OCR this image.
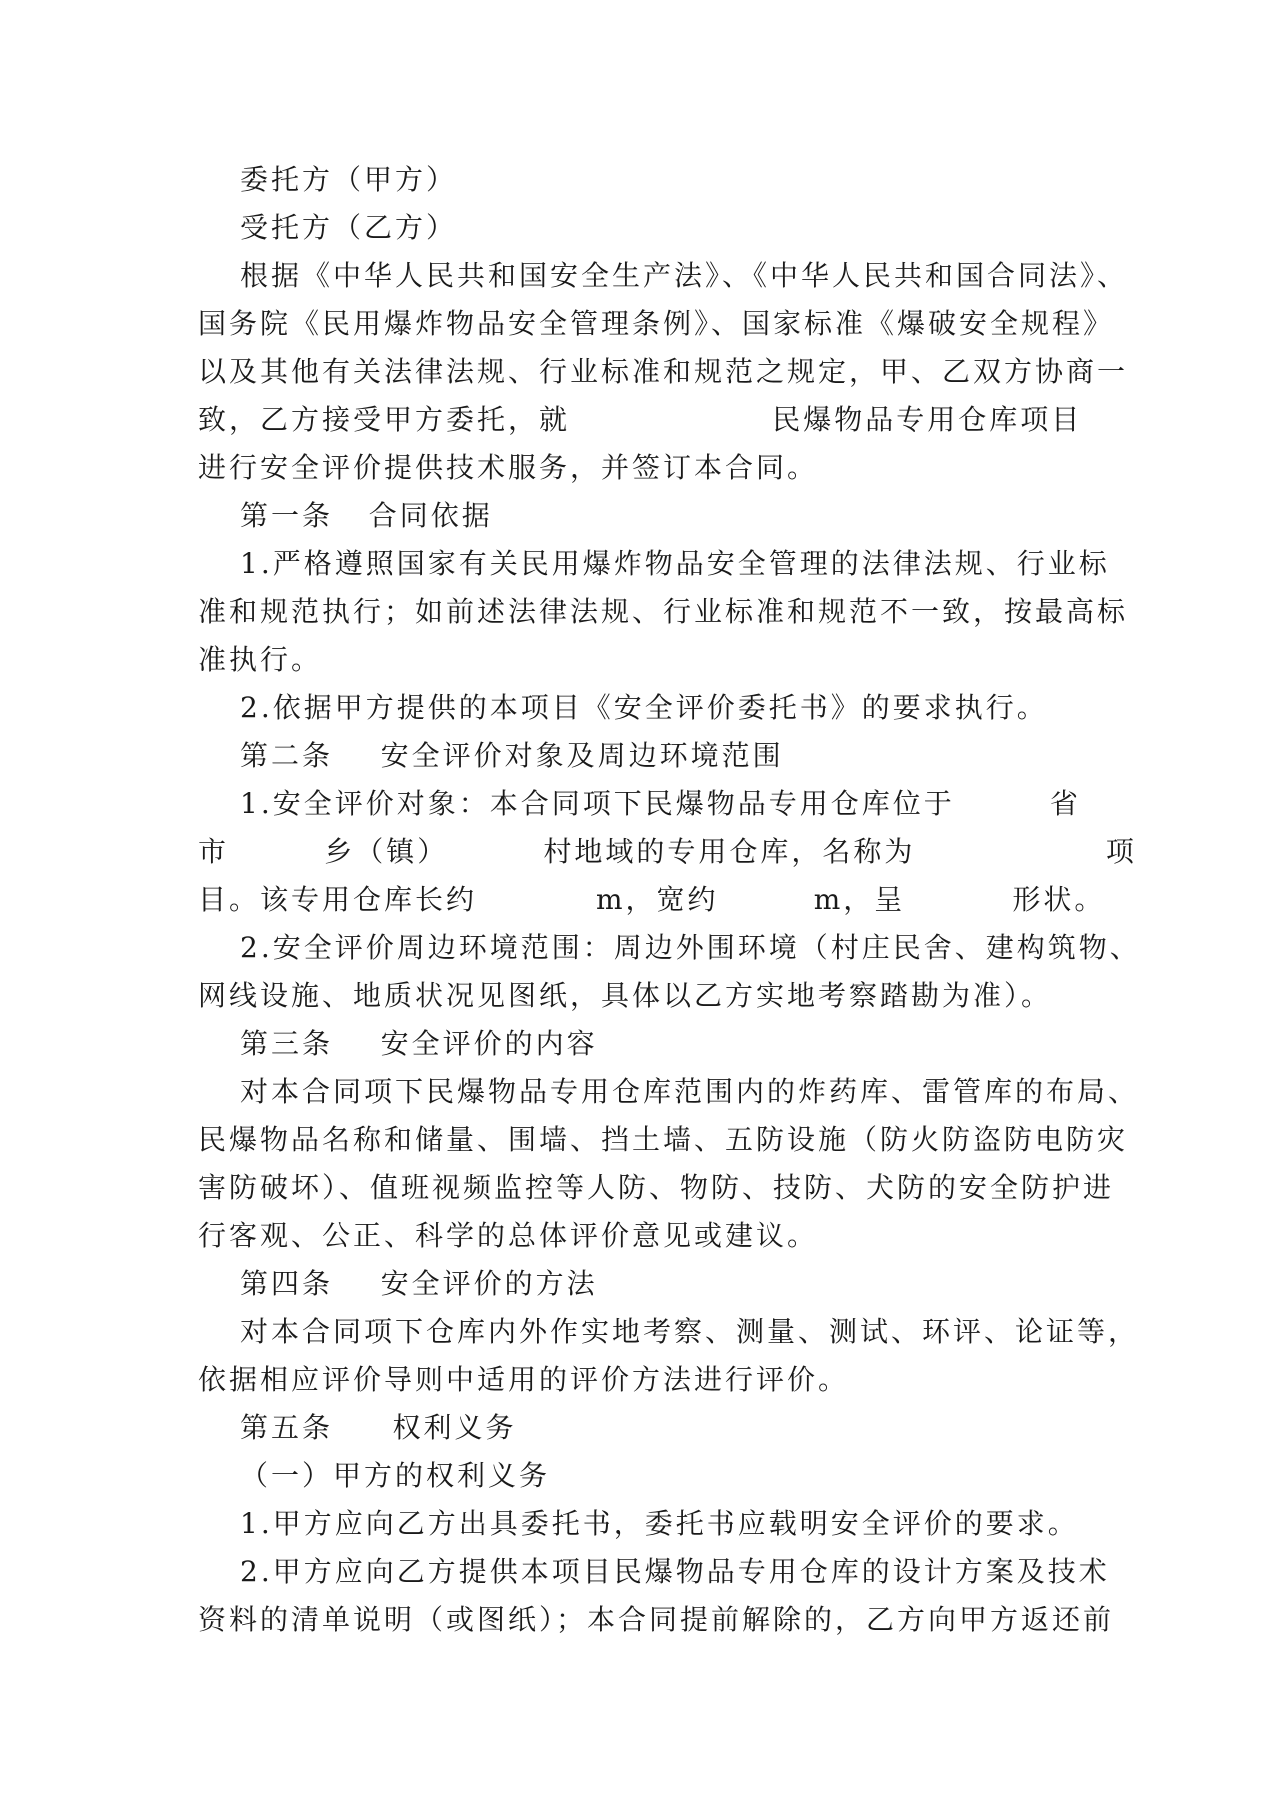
委托方（甲方）
受托方（乙方）
根据《中华人民共和国安全生产法》、《中华人民共和国合同法》、
国务院《民用爆炸物品安全管理条例》、国家标准《爆破安全规程》
以及其他有关法律法规、行业标准和规范之规定，甲、乙双方协商一
致，乙方接受甲方委托，就                 民爆物品专用仓库项目
进行安全评价提供技术服务，并签订本合同。
第一条   合同依据
1.严格遵照国家有关民用爆炸物品安全管理的法律法规、行业标
准和规范执行；如前述法律法规、行业标准和规范不一致，按最高标
准执行。
2.依据甲方提供的本项目《安全评价委托书》的要求执行。
第二条    安全评价对象及周边环境范围
1.安全评价对象：本合同项下民爆物品专用仓库位于        省
市        乡（镇）        村地域的专用仓库，名称为                项
目。该专用仓库长约          m，宽约        m，呈         形状。
2.安全评价周边环境范围：周边外围环境（村庄民舍、建构筑物、
网线设施、地质状况见图纸，具体以乙方实地考察踏勘为准）。
第三条    安全评价的内容
对本合同项下民爆物品专用仓库范围内的炸药库、雷管库的布局、
民爆物品名称和储量、围墙、挡土墙、五防设施（防火防盗防电防灾
害防破坏）、值班视频监控等人防、物防、技防、犬防的安全防护进
行客观、公正、科学的总体评价意见或建议。
第四条    安全评价的方法
对本合同项下仓库内外作实地考察、测量、测试、环评、论证等，
依据相应评价导则中适用的评价方法进行评价。
第五条     权利义务
（一）甲方的权利义务
1.甲方应向乙方出具委托书，委托书应载明安全评价的要求。
2.甲方应向乙方提供本项目民爆物品专用仓库的设计方案及技术
资料的清单说明（或图纸）；本合同提前解除的，乙方向甲方返还前
